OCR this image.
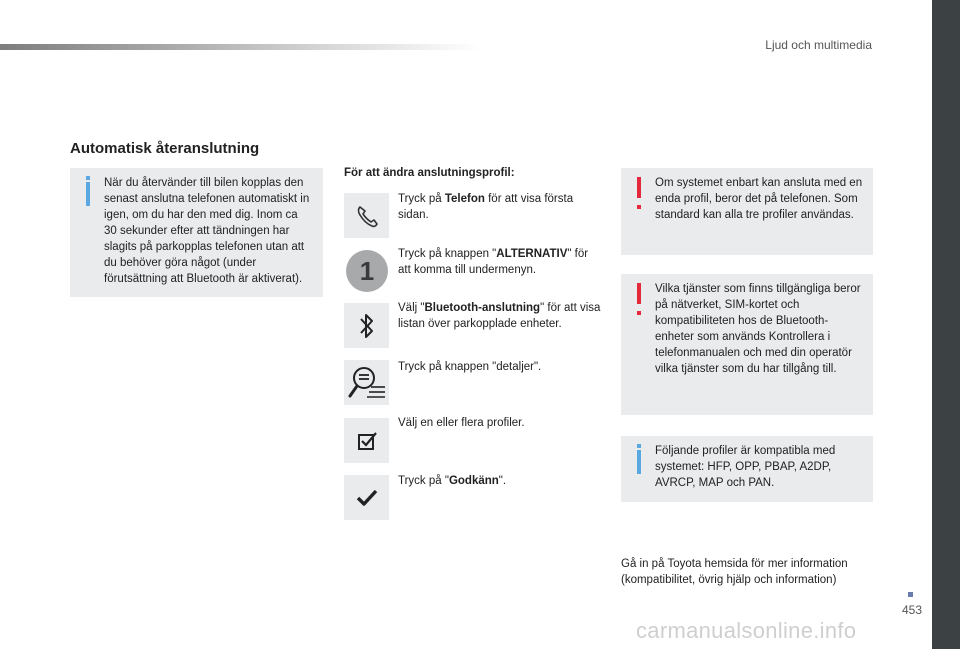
Ljud och multimedia
Automatisk återanslutning
När du återvänder till bilen kopplas den senast anslutna telefonen automatiskt in igen, om du har den med dig. Inom ca 30 sekunder efter att tändningen har slagits på parkopplas telefonen utan att du behöver göra något (under förutsättning att Bluetooth är aktiverat).
För att ändra anslutningsprofil:
Tryck på Telefon för att visa första sidan.
1
Tryck på knappen "ALTERNATIV" för att komma till undermenyn.
Välj "Bluetooth-anslutning" för att visa listan över parkopplade enheter.
Tryck på knappen "detaljer".
Välj en eller flera profiler.
Tryck på "Godkänn".
Om systemet enbart kan ansluta med en enda profil, beror det på telefonen. Som standard kan alla tre profiler användas.
Vilka tjänster som finns tillgängliga beror på nätverket, SIM-kortet och kompatibiliteten hos de Bluetooth-enheter som används Kontrollera i telefonmanualen och med din operatör vilka tjänster som du har tillgång till.
Följande profiler är kompatibla med systemet: HFP, OPP, PBAP, A2DP, AVRCP, MAP och PAN.
Gå in på Toyota hemsida för mer information (kompatibilitet, övrig hjälp och information)
453
carmanualsonline.info
